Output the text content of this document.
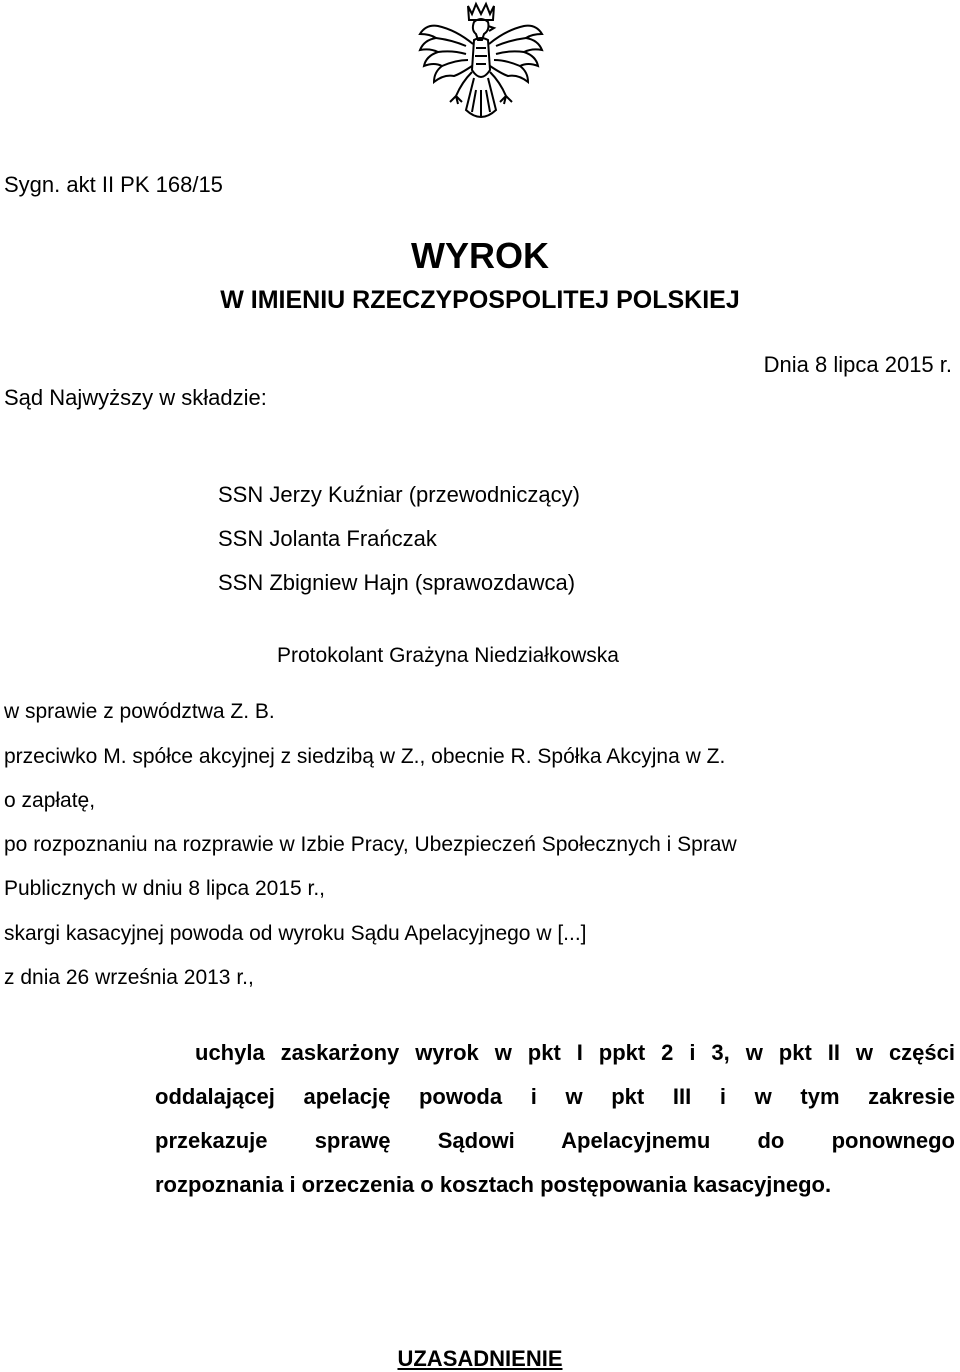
Sygn. akt II PK 168/15
WYROK
W IMIENIU RZECZYPOSPOLITEJ POLSKIEJ
Dnia 8 lipca 2015 r.
Sąd Najwyższy w składzie:
SSN Jerzy Kuźniar (przewodniczący)
SSN Jolanta Frańczak
SSN Zbigniew Hajn (sprawozdawca)
Protokolant Grażyna Niedziałkowska
w sprawie z powództwa Z. B.
przeciwko M. spółce akcyjnej z siedzibą w Z., obecnie R. Spółka Akcyjna w Z.
o zapłatę,
po rozpoznaniu na rozprawie w Izbie Pracy, Ubezpieczeń Społecznych i Spraw
Publicznych w dniu 8 lipca 2015 r.,
skargi kasacyjnej powoda od wyroku Sądu Apelacyjnego w [...]
z dnia 26 września 2013 r.,
uchyla zaskarżony wyrok w pkt I ppkt 2 i 3, w pkt II w części
oddalającej apelację powoda i w pkt III i w tym zakresie
przekazuje sprawę Sądowi Apelacyjnemu do ponownego
rozpoznania i orzeczenia o kosztach postępowania kasacyjnego.
UZASADNIENIE
